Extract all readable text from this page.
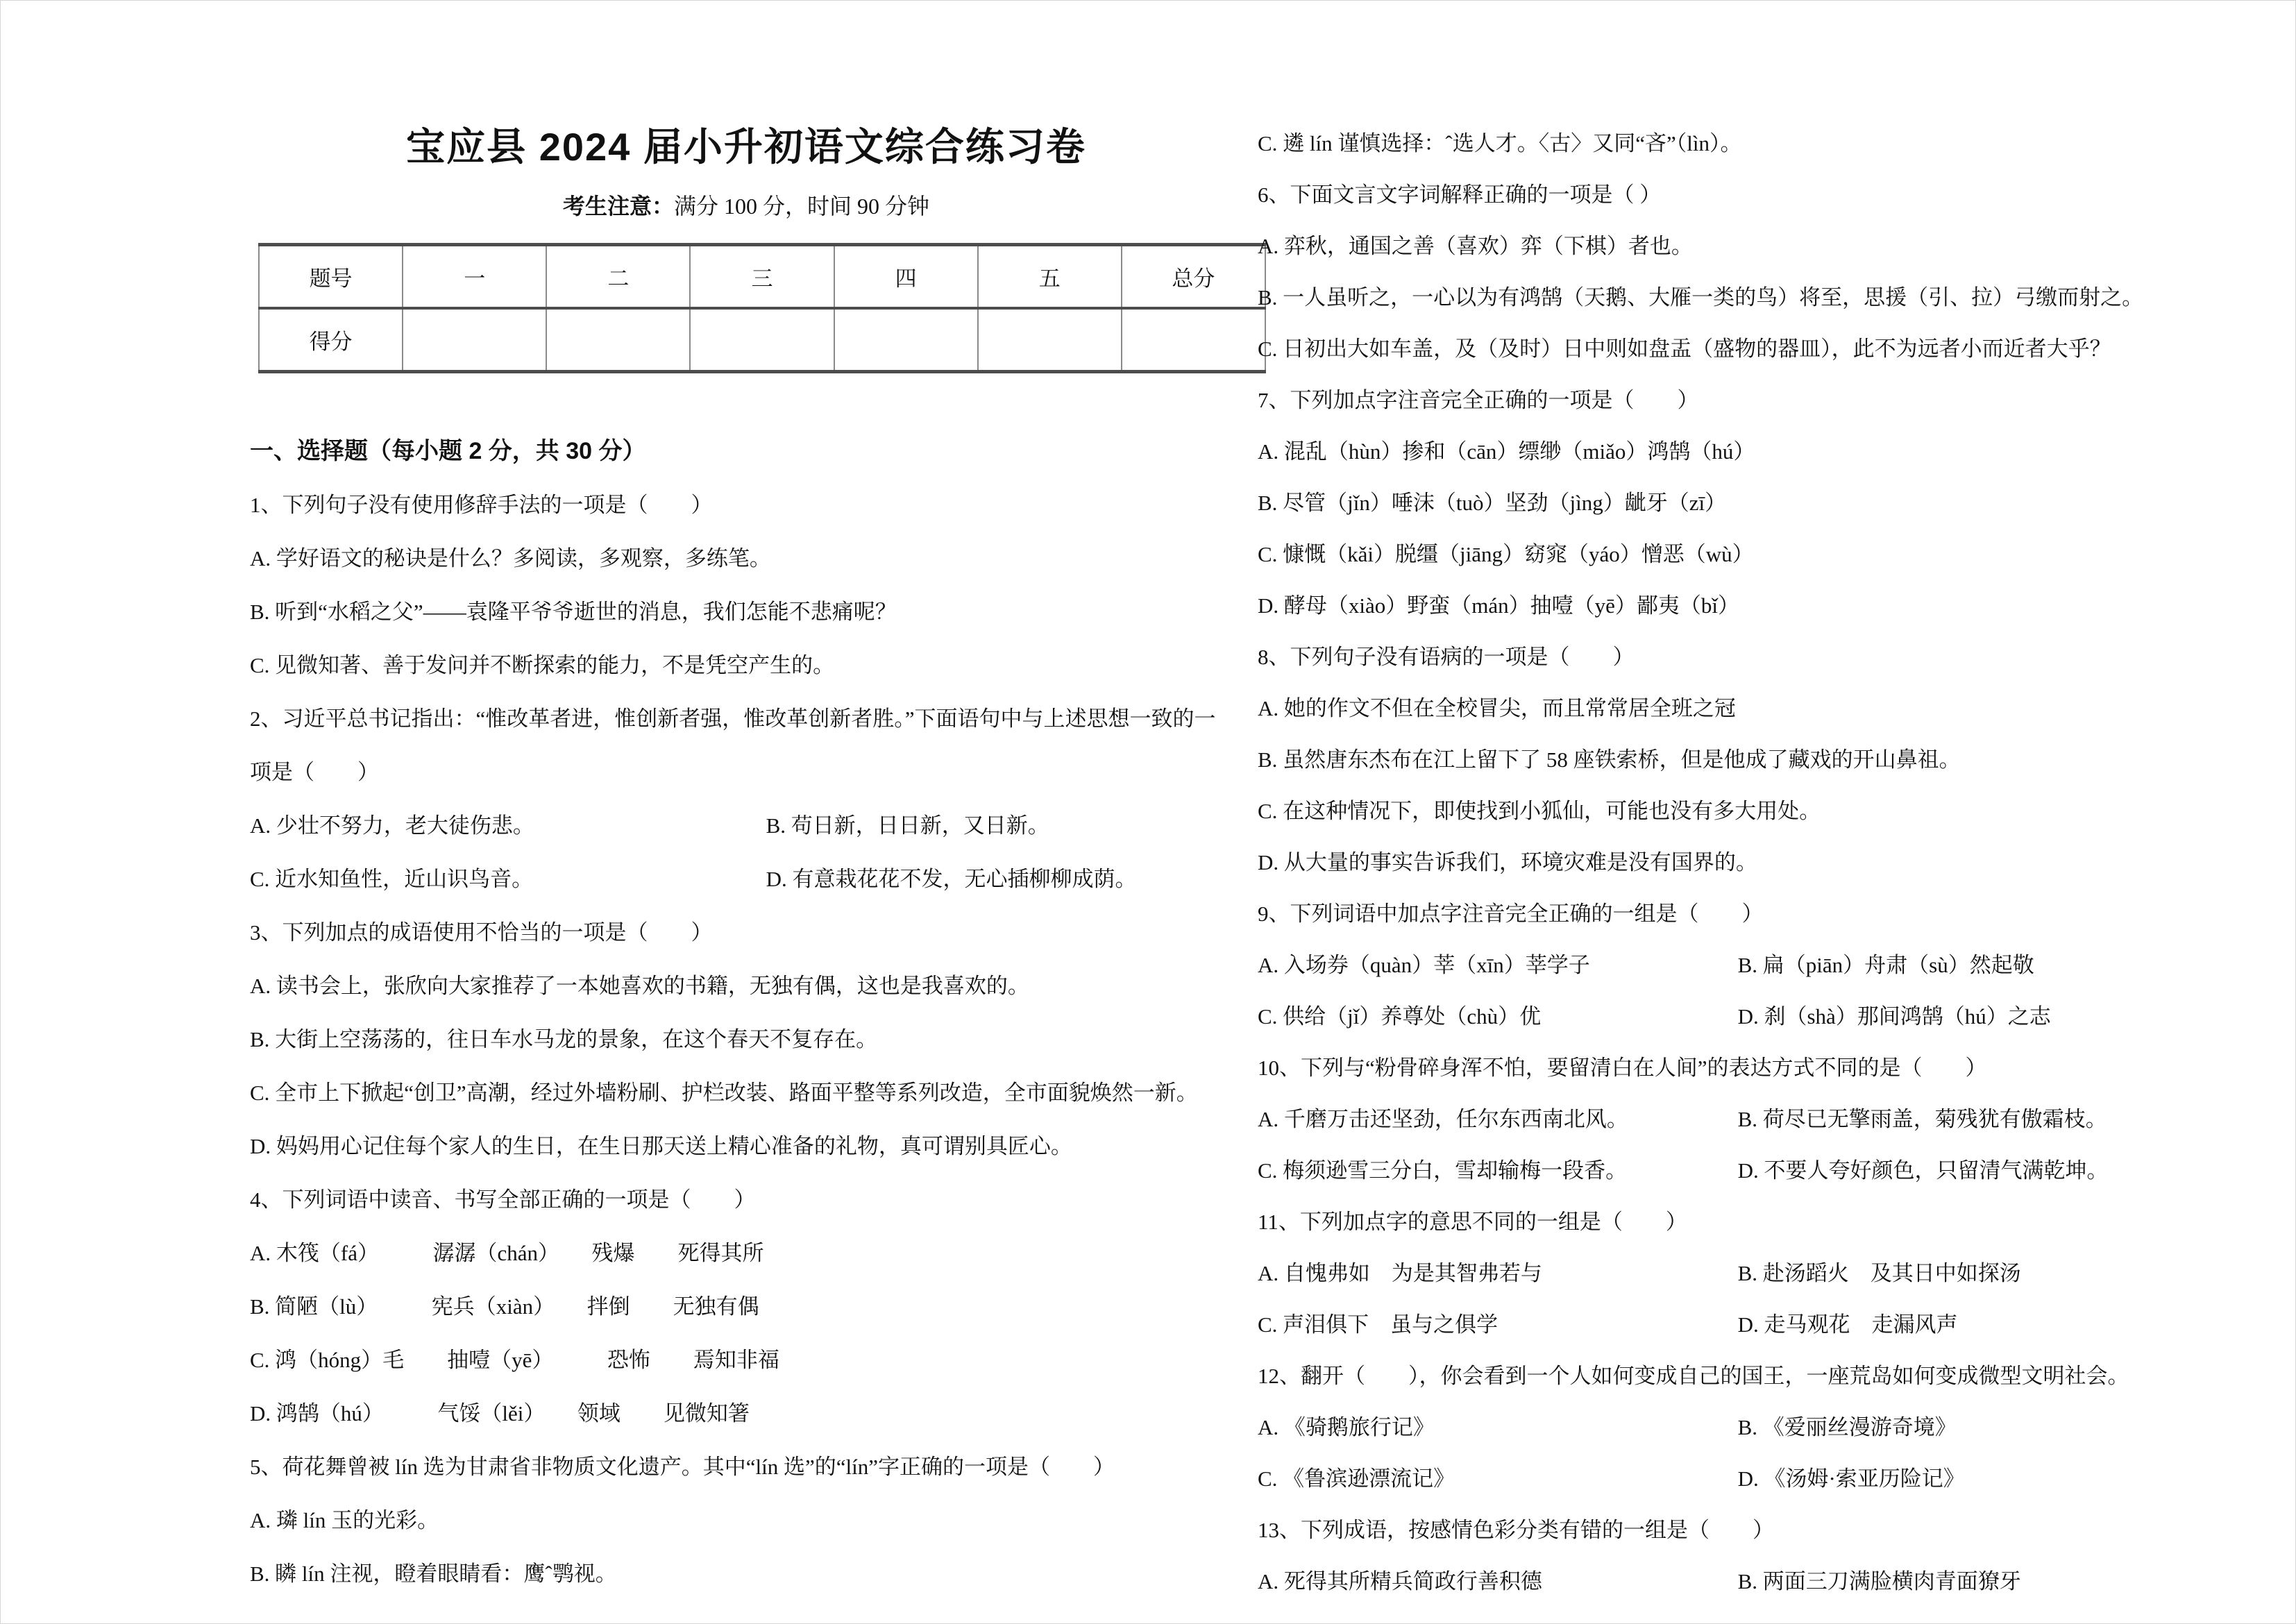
宝应县 2024 届小升初语文综合练习卷
考生注意：满分 100 分，时间 90 分钟
题号	一	二	三	四	五	总分
得分						
一、选择题（每小题 2 分，共 30 分）
1、下列句子没有使用修辞手法的一项是（　　）
A. 学好语文的秘诀是什么？多阅读，多观察，多练笔。
B. 听到“水稻之父”——袁隆平爷爷逝世的消息，我们怎能不悲痛呢？
C. 见微知著、善于发问并不断探索的能力，不是凭空产生的。
2、习近平总书记指出：“惟改革者进，惟创新者强，惟改革创新者胜。”下面语句中与上述思想一致的一
项是（　　）
A. 少壮不努力，老大徒伤悲。	B. 苟日新，日日新，又日新。
C. 近水知鱼性，近山识鸟音。	D. 有意栽花花不发，无心插柳柳成荫。
3、下列加点的成语使用不恰当的一项是（　　）
A. 读书会上，张欣向大家推荐了一本她喜欢的书籍，无独有偶，这也是我喜欢的。
B. 大街上空荡荡的，往日车水马龙的景象，在这个春天不复存在。
C. 全市上下掀起“创卫”高潮，经过外墙粉刷、护栏改装、路面平整等系列改造，全市面貌焕然一新。
D. 妈妈用心记住每个家人的生日，在生日那天送上精心准备的礼物，真可谓别具匠心。
4、下列词语中读音、书写全部正确的一项是（　　）
A. 木筏（fá）　　　潺潺（chán）　　残爆　　死得其所
B. 简陋（lù）　　　宪兵（xiàn）　　拌倒　　无独有偶
C. 鸿（hóng）毛　　抽噎（yē）　　　恐怖　　焉知非福
D. 鸿鹄（hú）　　　气馁（lěi）　　领域　　见微知箸
5、荷花舞曾被 lín 选为甘肃省非物质文化遗产。其中“lín 选”的“lín”字正确的一项是（　　）
A. 璘 lín 玉的光彩。
B. 瞵 lín 注视，瞪着眼睛看：鹰ˆ鹗视。
C. 遴 lín 谨慎选择：ˆ选人才。〈古〉又同“吝”（lìn）。
6、下面文言文字词解释正确的一项是（ ）
A. 弈秋，通国之善（喜欢）弈（下棋）者也。
B. 一人虽听之，一心以为有鸿鹄（天鹅、大雁一类的鸟）将至，思援（引、拉）弓缴而射之。
C. 日初出大如车盖，及（及时）日中则如盘盂（盛物的器皿），此不为远者小而近者大乎？
7、下列加点字注音完全正确的一项是（　　）
A. 混乱（hùn）掺和（cān）缥缈（miǎo）鸿鹄（hú）
B. 尽管（jǐn）唾沫（tuò）坚劲（jìng）龇牙（zī）
C. 慷慨（kǎi）脱缰（jiāng）窈窕（yáo）憎恶（wù）
D. 酵母（xiào）野蛮（mán）抽噎（yē）鄙夷（bǐ）
8、下列句子没有语病的一项是（　　）
A. 她的作文不但在全校冒尖，而且常常居全班之冠
B. 虽然唐东杰布在江上留下了 58 座铁索桥，但是他成了藏戏的开山鼻祖。
C. 在这种情况下，即使找到小狐仙，可能也没有多大用处。
D. 从大量的事实告诉我们，环境灾难是没有国界的。
9、下列词语中加点字注音完全正确的一组是（　　）
A. 入场券（quàn）莘（xīn）莘学子	B. 扁（piān）舟肃（sù）然起敬
C. 供给（jǐ）养尊处（chù）优	D. 刹（shà）那间鸿鹄（hú）之志
10、下列与“粉骨碎身浑不怕，要留清白在人间”的表达方式不同的是（　　）
A. 千磨万击还坚劲，任尔东西南北风。	B. 荷尽已无擎雨盖，菊残犹有傲霜枝。
C. 梅须逊雪三分白，雪却输梅一段香。	D. 不要人夸好颜色，只留清气满乾坤。
11、下列加点字的意思不同的一组是（　　）
A. 自愧弗如　为是其智弗若与	B. 赴汤蹈火　及其日中如探汤
C. 声泪俱下　虽与之俱学	D. 走马观花　走漏风声
12、翻开（　　），你会看到一个人如何变成自己的国王，一座荒岛如何变成微型文明社会。
A. 《骑鹅旅行记》	B. 《爱丽丝漫游奇境》
C. 《鲁滨逊漂流记》	D. 《汤姆·索亚历险记》
13、下列成语，按感情色彩分类有错的一组是（　　）
A. 死得其所精兵简政行善积德	B. 两面三刀满脸横肉青面獠牙
